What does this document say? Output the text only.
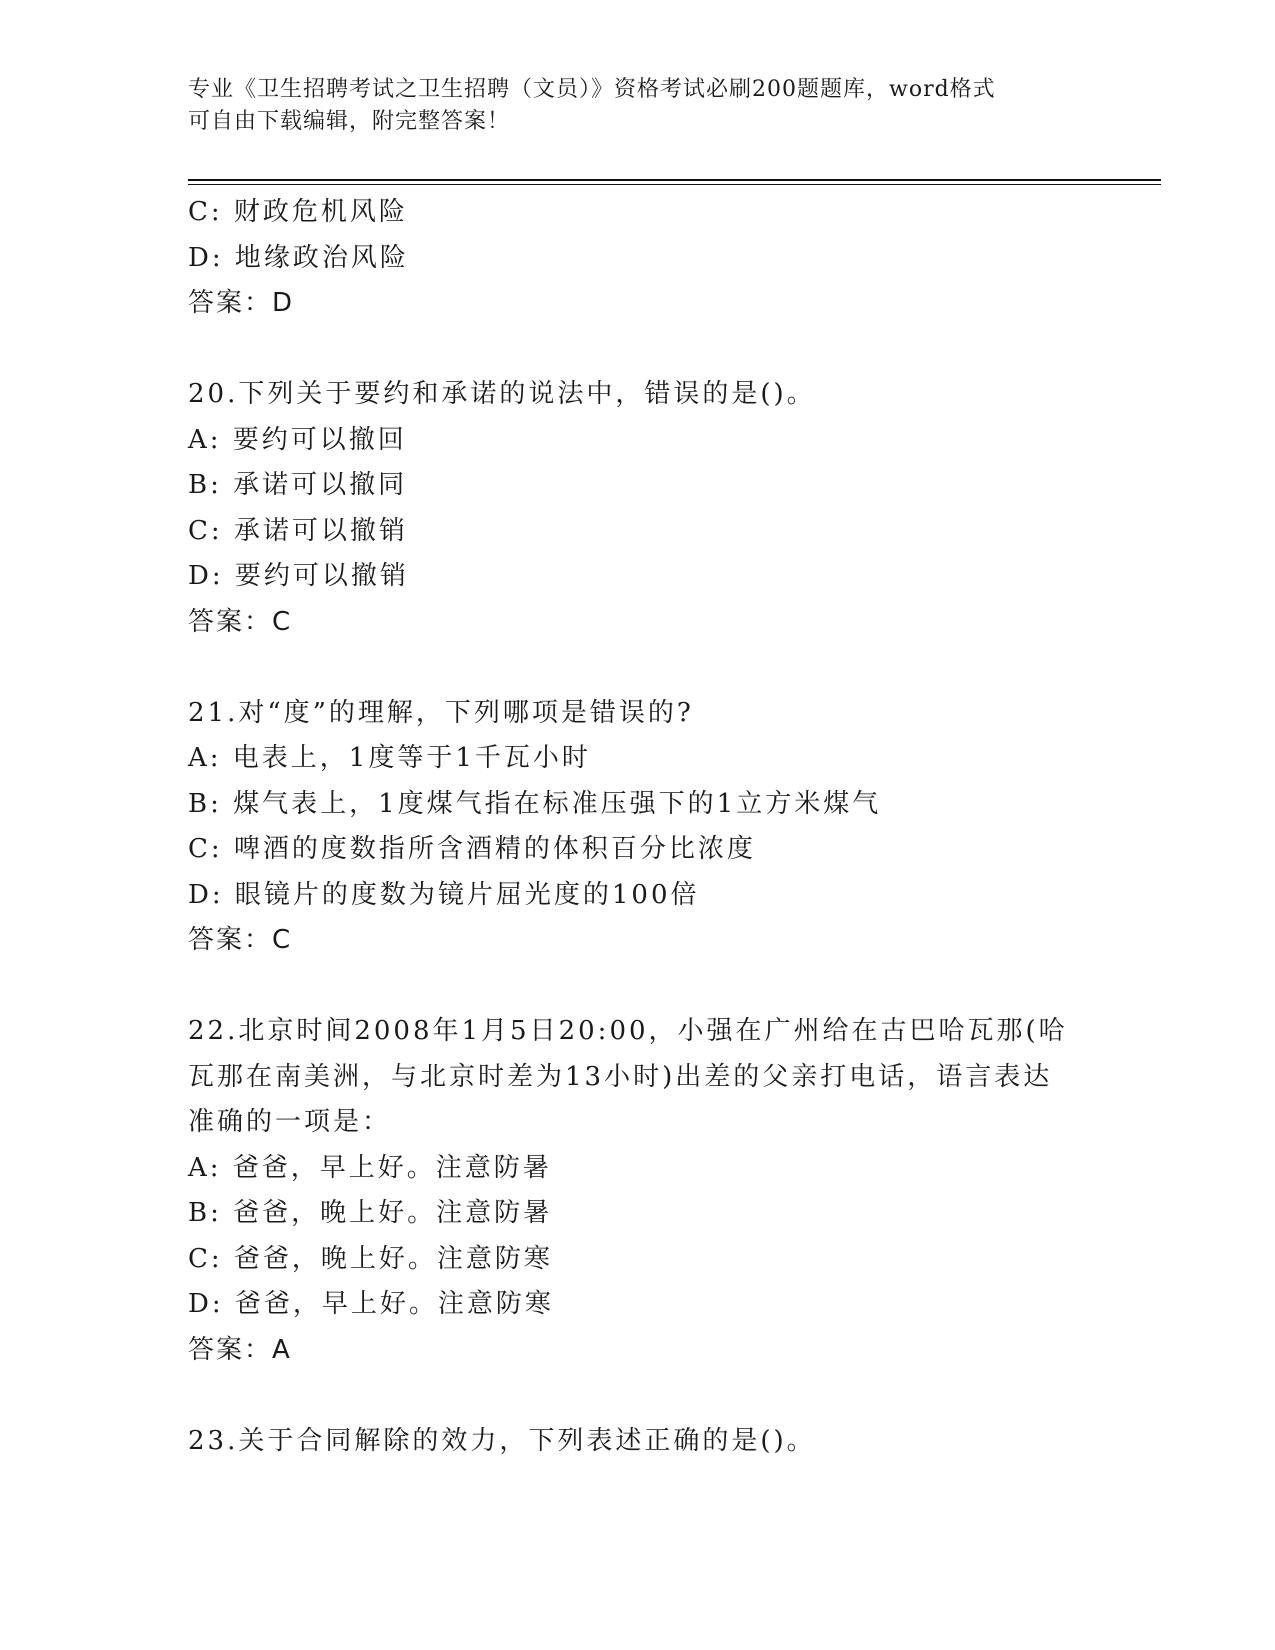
专业《卫生招聘考试之卫生招聘（文员）》资格考试必刷200题题库，word格式
可自由下载编辑，附完整答案！
C: 财政危机风险
D: 地缘政治风险
答案：D
20.下列关于要约和承诺的说法中，错误的是()。
A: 要约可以撤回
B: 承诺可以撤同
C: 承诺可以撤销
D: 要约可以撤销
答案：C
21.对“度”的理解，下列哪项是错误的?
A: 电表上，1度等于1千瓦小时
B: 煤气表上，1度煤气指在标准压强下的1立方米煤气
C: 啤酒的度数指所含酒精的体积百分比浓度
D: 眼镜片的度数为镜片屈光度的100倍
答案：C
22.北京时间2008年1月5日20:00，小强在广州给在古巴哈瓦那(哈
瓦那在南美洲，与北京时差为13小时)出差的父亲打电话，语言表达
准确的一项是：
A: 爸爸，早上好。注意防暑
B: 爸爸，晚上好。注意防暑
C: 爸爸，晚上好。注意防寒
D: 爸爸，早上好。注意防寒
答案：A
23.关于合同解除的效力，下列表述正确的是()。
